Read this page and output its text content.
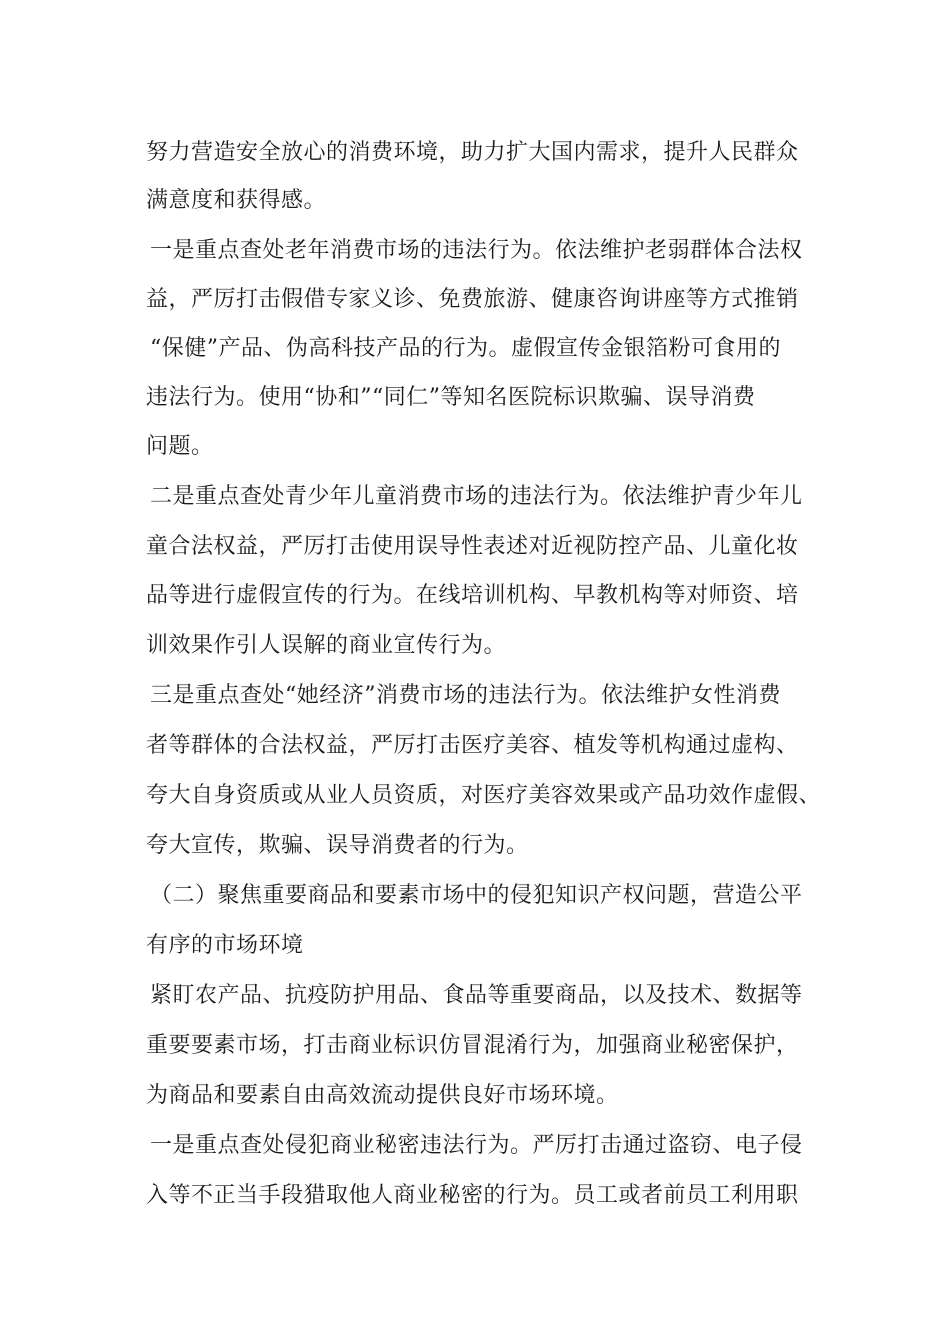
努力营造安全放心的消费环境，助力扩大国内需求，提升人民群众
满意度和获得感。
一是重点查处老年消费市场的违法行为。依法维护老弱群体合法权
益，严厉打击假借专家义诊、免费旅游、健康咨询讲座等方式推销
“保健”产品、伪高科技产品的行为。虚假宣传金银箔粉可食用的
违法行为。使用“协和”“同仁”等知名医院标识欺骗、误导消费
问题。
二是重点查处青少年儿童消费市场的违法行为。依法维护青少年儿
童合法权益，严厉打击使用误导性表述对近视防控产品、儿童化妆
品等进行虚假宣传的行为。在线培训机构、早教机构等对师资、培
训效果作引人误解的商业宣传行为。
三是重点查处“她经济”消费市场的违法行为。依法维护女性消费
者等群体的合法权益，严厉打击医疗美容、植发等机构通过虚构、
夸大自身资质或从业人员资质，对医疗美容效果或产品功效作虚假、
夸大宣传，欺骗、误导消费者的行为。
（二）聚焦重要商品和要素市场中的侵犯知识产权问题，营造公平
有序的市场环境
紧盯农产品、抗疫防护用品、食品等重要商品，以及技术、数据等
重要要素市场，打击商业标识仿冒混淆行为，加强商业秘密保护，
为商品和要素自由高效流动提供良好市场环境。
一是重点查处侵犯商业秘密违法行为。严厉打击通过盗窃、电子侵
入等不正当手段猎取他人商业秘密的行为。员工或者前员工利用职
